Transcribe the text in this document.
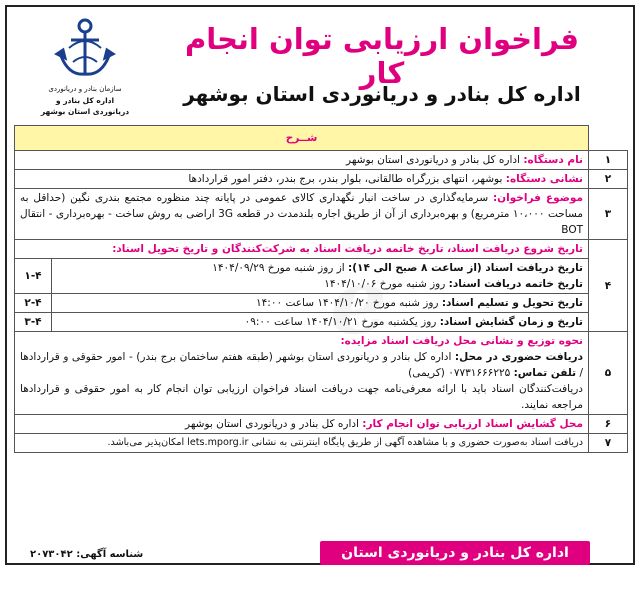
سازمان بنادر و دریانوردی
اداره کل بنادر و
دریانوردی استان بوشهر
فراخوان ارزیابی توان انجام کار
اداره کل بنادر و دریانوردی استان بوشهر
	شــرح	
۱	نام دستگاه: اداره کل بنادر و دریانوردی استان بوشهر	
۲	نشانی دستگاه: بوشهر، انتهای بزرگراه طالقانی، بلوار بندر، برج بندر، دفتر امور قراردادها	
۳	موضوع فراخوان: سرمایه‌گذاری در ساخت انبار نگهداری کالای عمومی در پایانه چند منظوره مجتمع بندری نگین (حداقل به مساحت ۱۰،۰۰۰ مترمربع) و بهره‌برداری از آن از طریق اجاره بلندمدت در قطعه 3G اراضی به روش ساخت - بهره‌برداری - انتقال BOT	
۴	تاریخ شروع دریافت اسناد، تاریخ خاتمه دریافت اسناد به شرکت‌کنندگان و تاریخ تحویل اسناد:	

	تاریخ دریافت اسناد (از ساعت ۸ صبح الی ۱۴): از روز شنبه مورخ ۱۴۰۴/۰۹/۲۹
تاریخ خاتمه دریافت اسناد: روز شنبه مورخ ۱۴۰۴/۱۰/۰۶	۱-۴
	تاریخ تحویل و تسلیم اسناد: روز شنبه مورخ ۱۴۰۴/۱۰/۲۰ ساعت ۱۴:۰۰	۲-۴
	تاریخ و زمان گشایش اسناد: روز یکشنبه مورخ ۱۴۰۴/۱۰/۲۱ ساعت ۰۹:۰۰	۳-۴
۵	نحوه توزیع و نشانی محل دریافت اسناد مزایده:
دریافت حضوری در محل: اداره کل بنادر و دریانوردی استان بوشهر (طبقه هفتم ساختمان برج بندر) - امور حقوقی و قراردادها / تلفن تماس: ۰۷۷۳۱۶۶۶۲۲۵ (کریمی)
دریافت‌کنندگان اسناد باید با ارائه معرفی‌نامه جهت دریافت اسناد فراخوان ارزیابی توان انجام کار به امور حقوقی و قراردادها مراجعه نمایند.	

۶	محل گشایش اسناد ارزیابی توان انجام کار: اداره کل بنادر و دریانوردی استان بوشهر	
۷	دریافت اسناد به‌صورت حضوری و با مشاهده آگهی از طریق پایگاه اینترنتی به نشانی lets.mporg.ir امکان‌پذیر می‌باشد.	
شناسه آگهی: ۲۰۷۳۰۴۲	اداره کل بنادر و دریانوردی استان بوشهر
